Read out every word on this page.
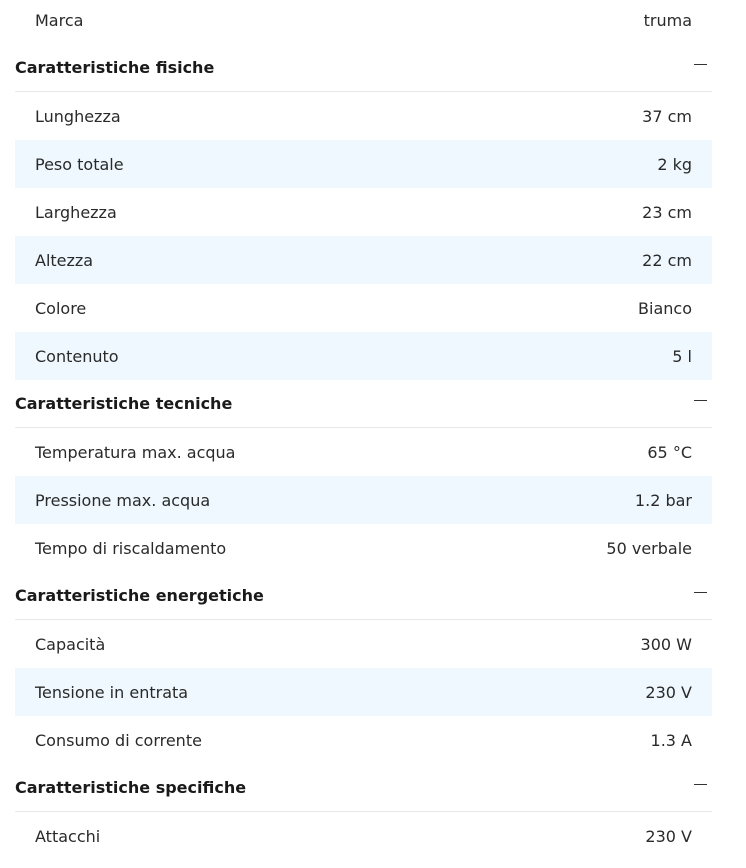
Marca	truma
Caratteristiche fisiche
Lunghezza	37 cm
Peso totale	2 kg
Larghezza	23 cm
Altezza	22 cm
Colore	Bianco
Contenuto	5 l
Caratteristiche tecniche
Temperatura max. acqua	65 °C
Pressione max. acqua	1.2 bar
Tempo di riscaldamento	50 verbale
Caratteristiche energetiche
Capacità	300 W
Tensione in entrata	230 V
Consumo di corrente	1.3 A
Caratteristiche specifiche
Attacchi	230 V
